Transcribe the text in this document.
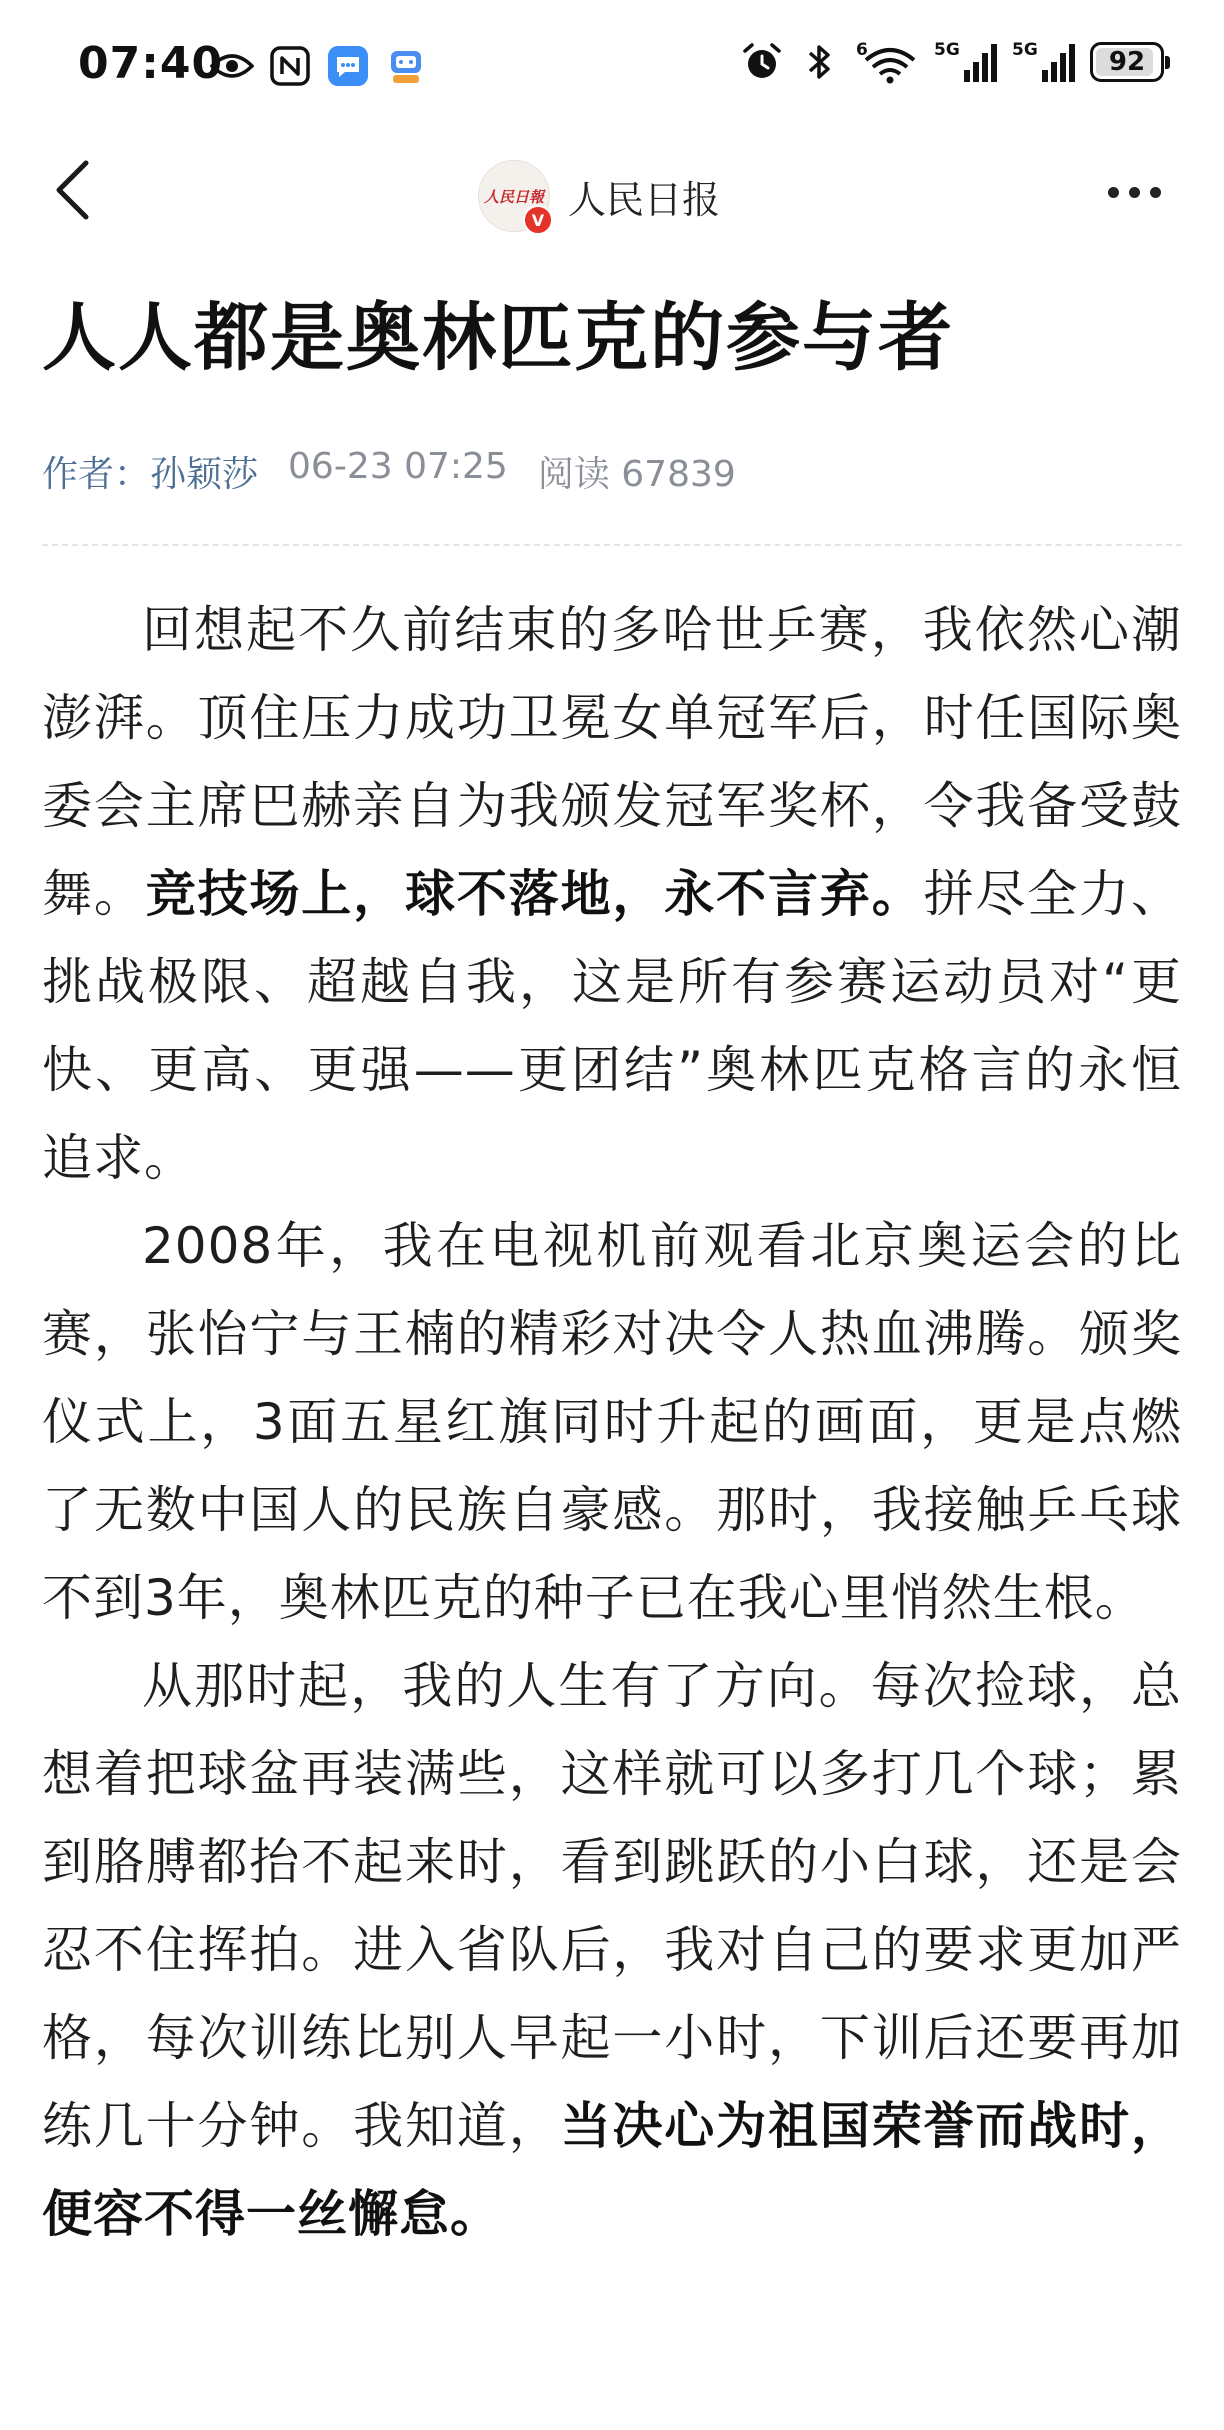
07:40	6	5G	5G	92
人民日報
V 人民日报
人人都是奥林匹克的参与者
作者： 孙颖莎 06-23 07:25 阅读 67839

回想起不久前结束的多哈世乒赛，我依然心潮澎湃。顶住压力成功卫冕女单冠军后，时任国际奥委会主席巴赫亲自为我颁发冠军奖杯，令我备受鼓舞。竞技场上，球不落地，永不言弃。拼尽全力、挑战极限、超越自我，这是所有参赛运动员对“更快、更高、更强——更团结”奥林匹克格言的永恒追求。

2008年，我在电视机前观看北京奥运会的比赛，张怡宁与王楠的精彩对决令人热血沸腾。颁奖仪式上，3面五星红旗同时升起的画面，更是点燃了无数中国人的民族自豪感。那时，我接触乒乓球不到3年，奥林匹克的种子已在我心里悄然生根。

从那时起，我的人生有了方向。每次捡球，总想着把球盆再装满些，这样就可以多打几个球；累到胳膊都抬不起来时，看到跳跃的小白球，还是会忍不住挥拍。进入省队后，我对自己的要求更加严格，每次训练比别人早起一小时，下训后还要再加练几十分钟。我知道，当决心为祖国荣誉而战时，便容不得一丝懈怠。
